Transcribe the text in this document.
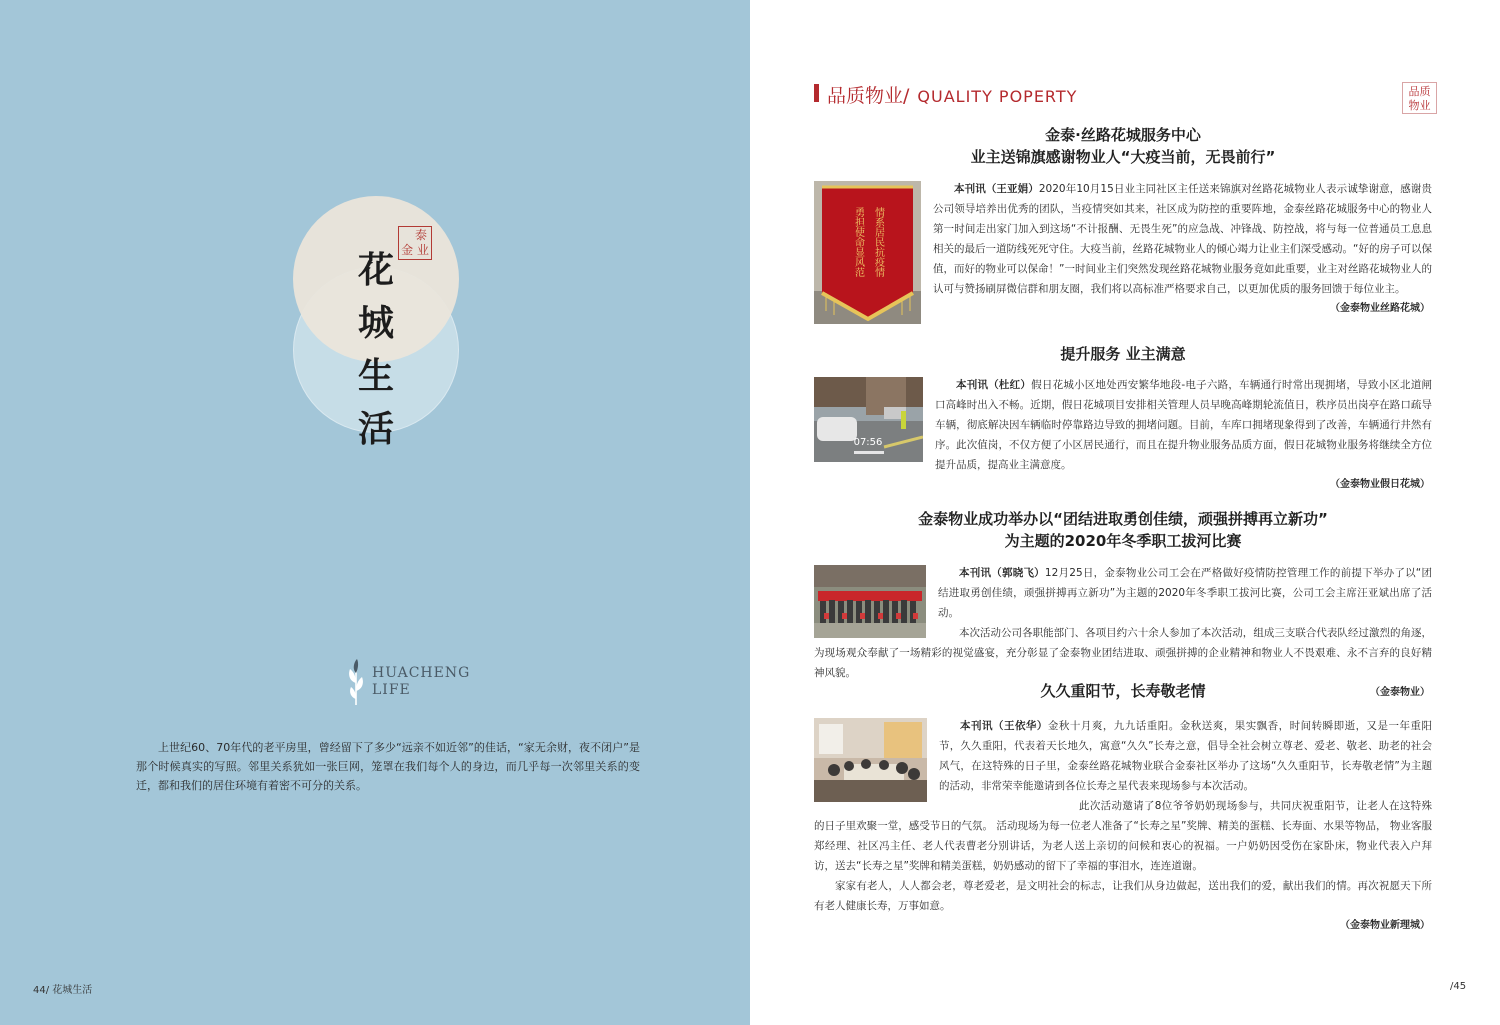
泰
金 业
花
城
生
活
HUACHENG
LIFE

上世纪60、70年代的老平房里，曾经留下了多少“远亲不如近邻”的佳话，“家无余财，夜不闭户”是那个时候真实的写照。邻里关系犹如一张巨网，笼罩在我们每个人的身边，而几乎每一次邻里关系的变迁，都和我们的居住环境有着密不可分的关系。

44/ 花城生活
品质物业/ QUALITY POPERTY	品质
物业
金泰·丝路花城服务中心
业主送锦旗感谢物业人“大疫当前，无畏前行”
情系居民抗疫情
勇担使命显风范

本刊讯（王亚娟）2020年10月15日业主同社区主任送来锦旗对丝路花城物业人表示诚挚谢意，感谢贵公司领导培养出优秀的团队，当疫情突如其来，社区成为防控的重要阵地，金泰丝路花城服务中心的物业人第一时间走出家门加入到这场“不计报酬、无畏生死”的应急战、冲锋战、防控战，将与每一位普通员工息息相关的最后一道防线死死守住。大疫当前，丝路花城物业人的倾心竭力让业主们深受感动。“好的房子可以保值，而好的物业可以保命！”一时间业主们突然发现丝路花城物业服务竟如此重要，业主对丝路花城物业人的认可与赞扬刷屏微信群和朋友圈，我们将以高标准严格要求自己，以更加优质的服务回馈于每位业主。

（金泰物业丝路花城）
提升服务 业主满意
07:56

本刊讯（杜红）假日花城小区地处西安繁华地段-电子六路，车辆通行时常出现拥堵，导致小区北道闸口高峰时出入不畅。近期，假日花城项目安排相关管理人员早晚高峰期轮流值日，秩序员出岗亭在路口疏导车辆，彻底解决因车辆临时停靠路边导致的拥堵问题。目前，车库口拥堵现象得到了改善，车辆通行井然有序。此次值岗，不仅方便了小区居民通行，而且在提升物业服务品质方面，假日花城物业服务将继续全方位提升品质，提高业主满意度。

（金泰物业假日花城）
金泰物业成功举办以“团结进取勇创佳绩，顽强拼搏再立新功”
为主题的2020年冬季职工拔河比赛

本刊讯（郭晓飞）12月25日，金泰物业公司工会在严格做好疫情防控管理工作的前提下举办了以“团结进取勇创佳绩，顽强拼搏再立新功”为主题的2020年冬季职工拔河比赛，公司工会主席汪亚斌出席了活动。

本次活动公司各职能部门、各项目约六十余人参加了本次活动，组成三支联合代表队经过激烈的角逐，为现场观众奉献了一场精彩的视觉盛宴，充分彰显了金泰物业团结进取、顽强拼搏的企业精神和物业人不畏艰难、永不言弃的良好精神风貌。

（金泰物业）
久久重阳节，长寿敬老情

本刊讯（王依华）金秋十月爽，九九话重阳。金秋送爽，果实飘香，时间转瞬即逝，又是一年重阳节，久久重阳，代表着天长地久，寓意“久久”长寿之意，倡导全社会树立尊老、爱老、敬老、助老的社会风气，在这特殊的日子里，金泰丝路花城物业联合金泰社区举办了这场“久久重阳节，长寿敬老情”为主题的活动，非常荣幸能邀请到各位长寿之星代表来现场参与本次活动。

此次活动邀请了8位爷爷奶奶现场参与，共同庆祝重阳节，让老人在这特殊的日子里欢聚一堂，感受节日的气氛。 活动现场为每一位老人准备了“长寿之星”奖牌、精美的蛋糕、长寿面、水果等物品， 物业客服郑经理、社区冯主任、老人代表曹老分别讲话，为老人送上亲切的问候和衷心的祝福。一户奶奶因受伤在家卧床，物业代表入户拜访，送去“长寿之星”奖牌和精美蛋糕，奶奶感动的留下了幸福的事泪水，连连道谢。

家家有老人，人人都会老，尊老爱老，是文明社会的标志，让我们从身边做起，送出我们的爱，献出我们的情。再次祝愿天下所有老人健康长寿，万事如意。

（金泰物业新理城）
/45
